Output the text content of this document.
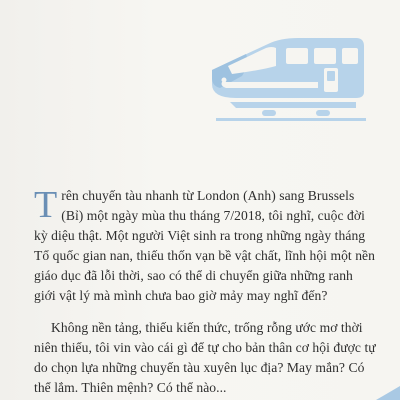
Trên chuyến tàu nhanh từ London (Anh) sang Brussels (Bỉ) một ngày mùa thu tháng 7/2018, tôi nghĩ, cuộc đời kỳ diệu thật. Một người Việt sinh ra trong những ngày tháng Tổ quốc gian nan, thiếu thốn vạn bề vật chất, lĩnh hội một nền giáo dục đã lỗi thời, sao có thể di chuyển giữa những ranh giới vật lý mà mình chưa bao giờ mảy may nghĩ đến?

Không nền tảng, thiếu kiến thức, trống rỗng ước mơ thời niên thiếu, tôi vin vào cái gì để tự cho bản thân cơ hội được tự do chọn lựa những chuyến tàu xuyên lục địa? May mắn? Có thể lắm. Thiên mệnh? Có thể nào...
